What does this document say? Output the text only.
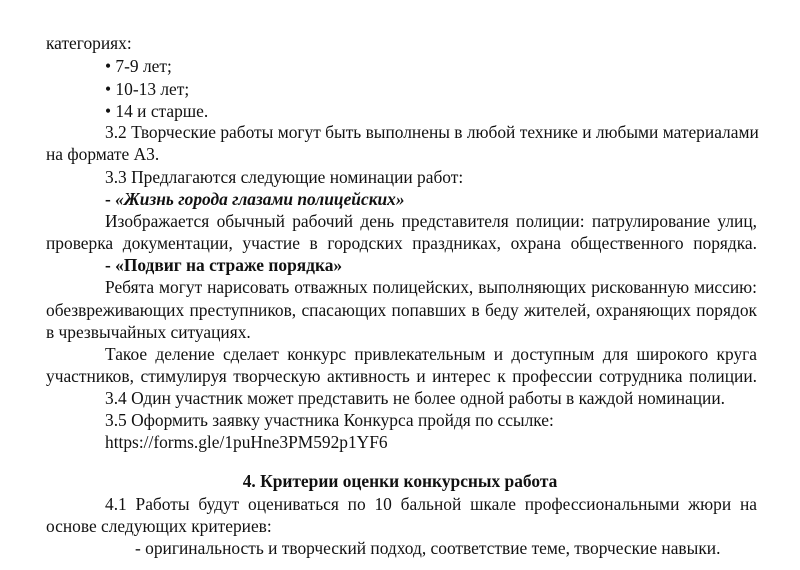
категориях:
• 7-9 лет;
• 10-13 лет;
• 14 и старше.
3.2 Творческие работы могут быть выполнены в любой технике и любыми материалами
на формате А3.
3.3 Предлагаются следующие номинации работ:
- «Жизнь города глазами полицейских»
Изображается обычный рабочий день представителя полиции: патрулирование улиц,
проверка документации, участие в городских праздниках, охрана общественного порядка.
- «Подвиг на страже порядка»
Ребята могут нарисовать отважных полицейских, выполняющих рискованную миссию:
обезвреживающих преступников, спасающих попавших в беду жителей, охраняющих порядок
в чрезвычайных ситуациях.
Такое деление сделает конкурс привлекательным и доступным для широкого круга
участников, стимулируя творческую активность и интерес к профессии сотрудника полиции.
3.4 Один участник может представить не более одной работы в каждой номинации.
3.5 Оформить заявку участника Конкурса пройдя по ссылке:
https://forms.gle/1puHne3PM592p1YF6
4. Критерии оценки конкурсных работа
4.1 Работы будут оцениваться по 10 бальной шкале профессиональными жюри на
основе следующих критериев:
- оригинальность и творческий подход, соответствие теме, творческие навыки.
